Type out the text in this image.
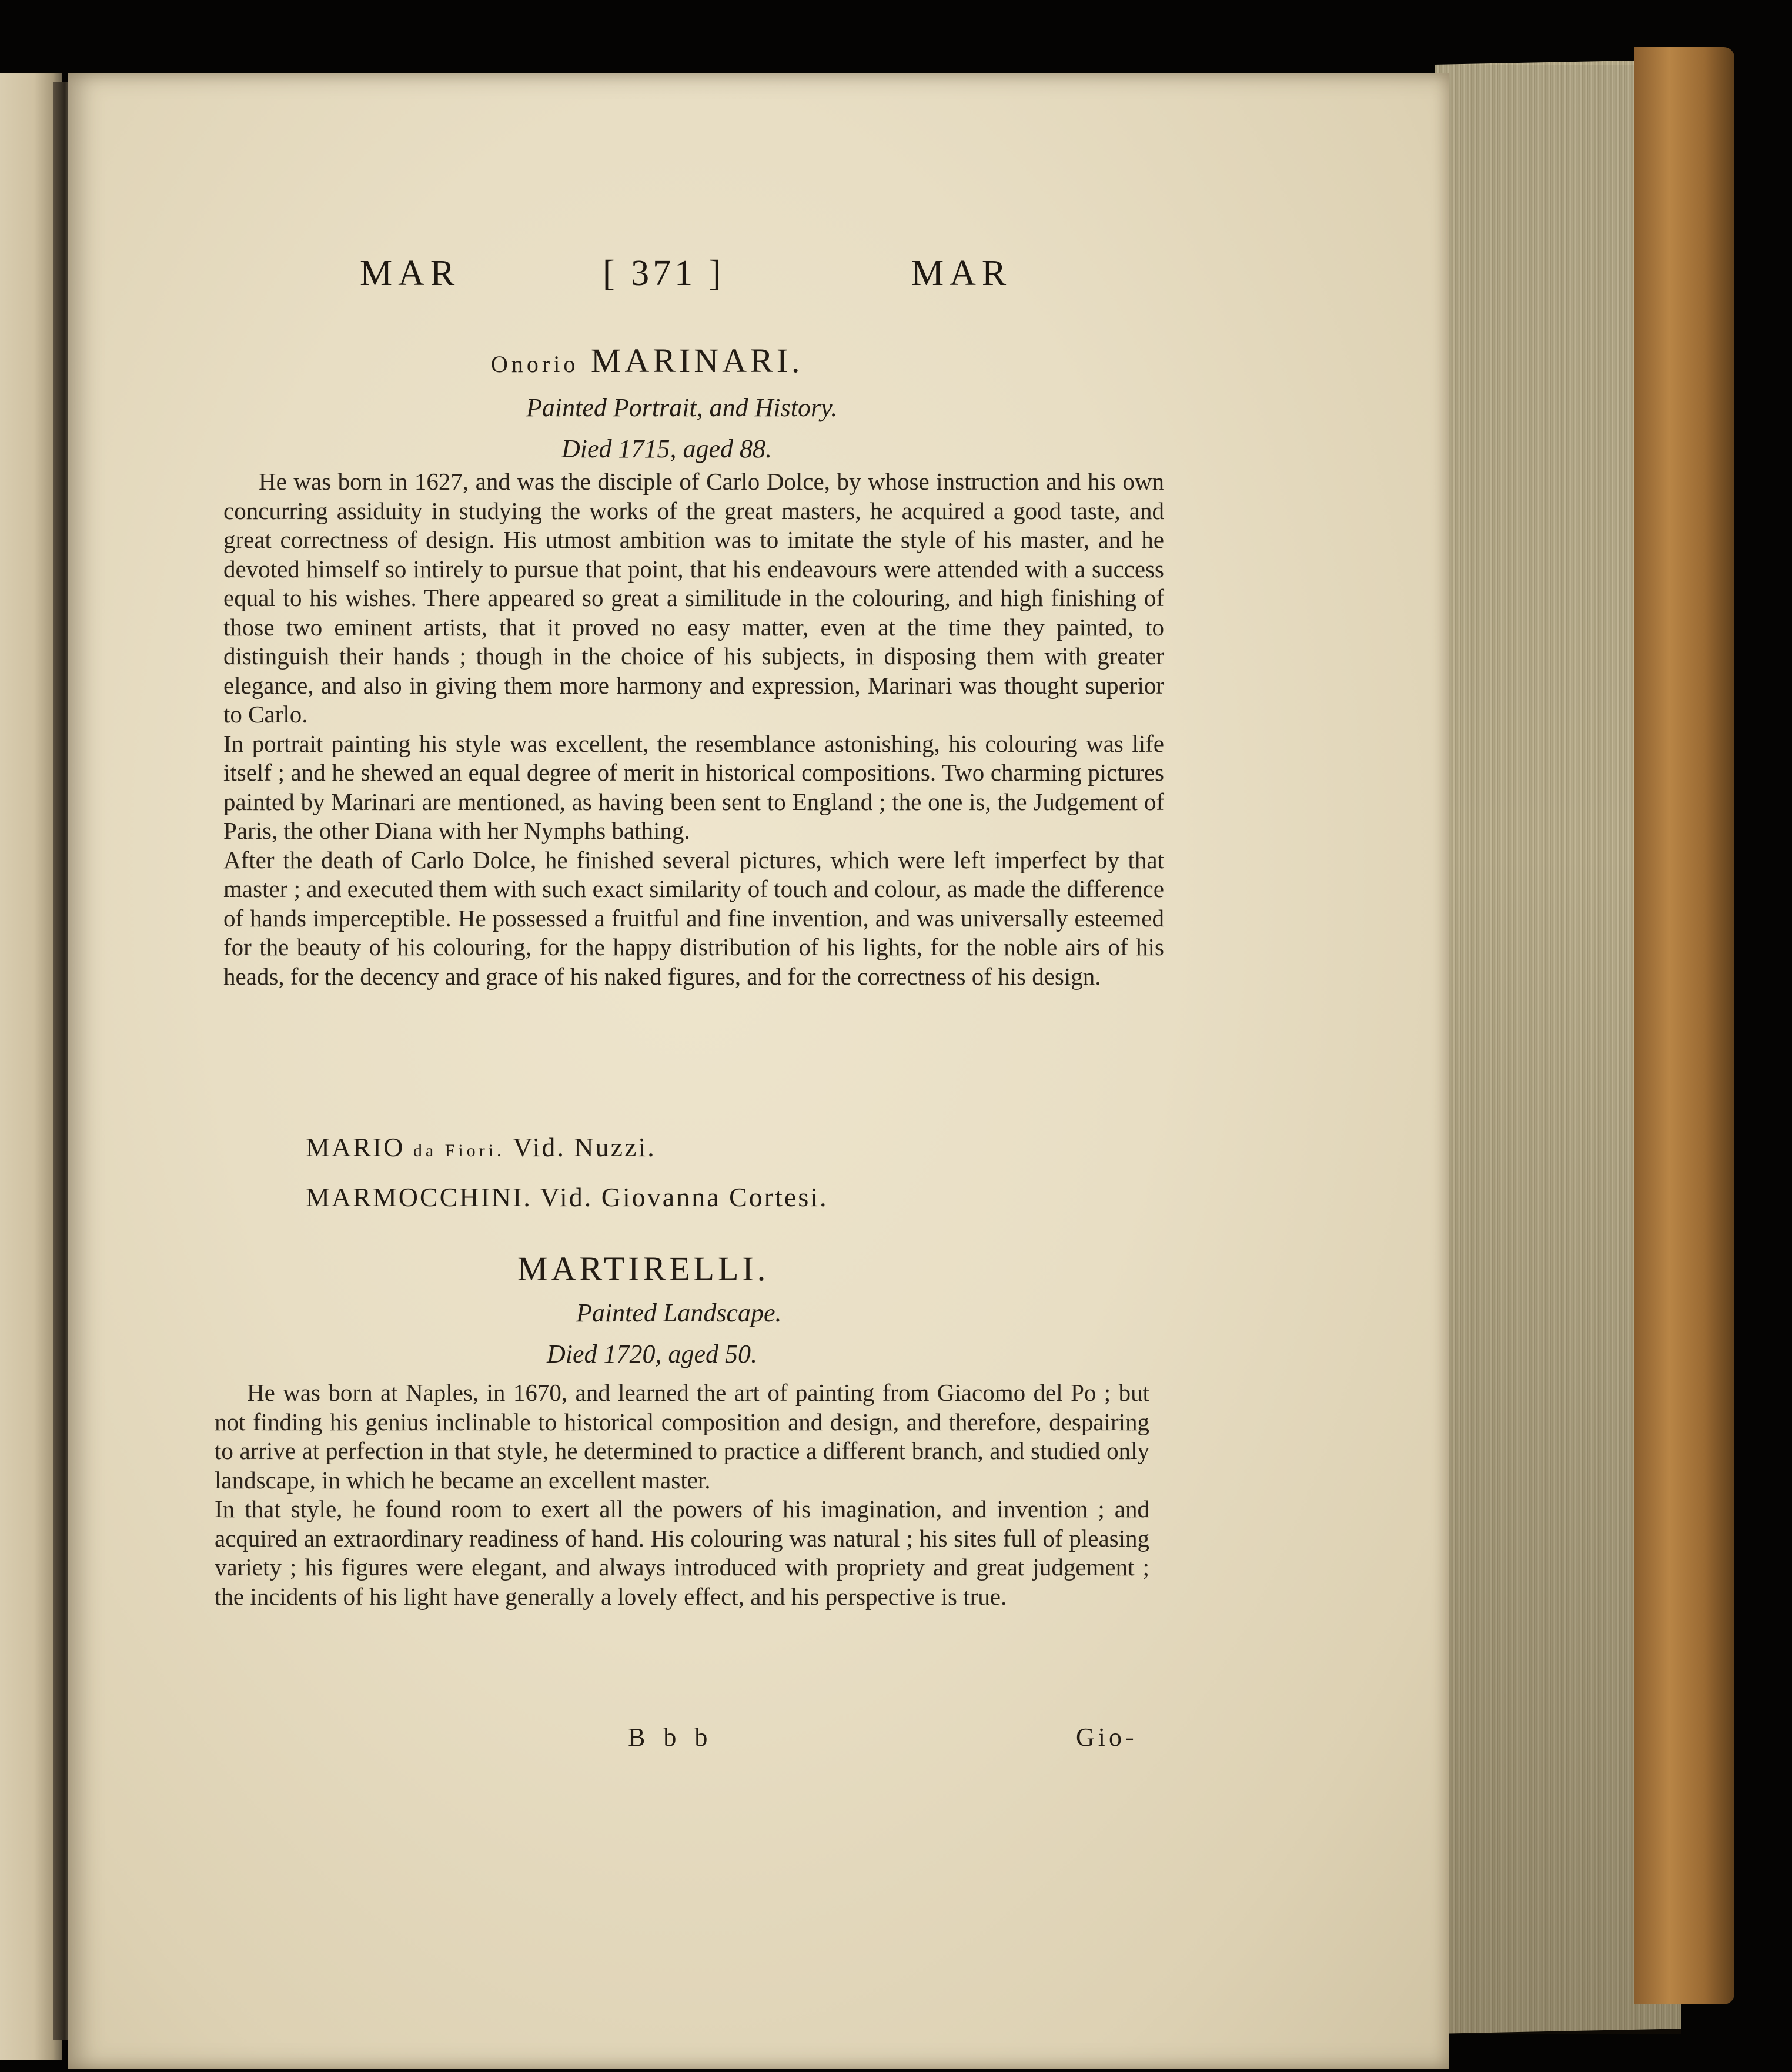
MAR	[ 371 ]	MAR
Onorio MARINARI.
Painted Portrait, and History.
Died 1715, aged 88.

He was born in 1627, and was the disciple of Carlo Dolce, by whose instruction and his own concurring assiduity in studying the works of the great masters, he acquired a good taste, and great correctness of design. His utmost ambition was to imitate the style of his master, and he devoted himself so intirely to pursue that point, that his endeavours were attended with a success equal to his wishes. There appeared so great a similitude in the colouring, and high finishing of those two eminent artists, that it proved no easy matter, even at the time they painted, to distinguish their hands ; though in the choice of his subjects, in disposing them with greater elegance, and also in giving them more harmony and expression, Marinari was thought superior to Carlo.

In portrait painting his style was excellent, the resemblance astonishing, his colouring was life itself ; and he shewed an equal degree of merit in historical compositions. Two charming pictures painted by Marinari are mentioned, as having been sent to England ; the one is, the Judgement of Paris, the other Diana with her Nymphs bathing.

After the death of Carlo Dolce, he finished several pictures, which were left imperfect by that master ; and executed them with such exact similarity of touch and colour, as made the difference of hands imperceptible. He possessed a fruitful and fine invention, and was universally esteemed for the beauty of his colouring, for the happy distribution of his lights, for the noble airs of his heads, for the decency and grace of his naked figures, and for the correctness of his design.

MARIO da Fiori. Vid. Nuzzi.
MARMOCCHINI. Vid. Giovanna Cortesi.
MARTIRELLI.
Painted Landscape.
Died 1720, aged 50.

He was born at Naples, in 1670, and learned the art of painting from Giacomo del Po ; but not finding his genius inclinable to historical composition and design, and therefore, despairing to arrive at perfection in that style, he determined to practice a different branch, and studied only landscape, in which he became an excellent master.

In that style, he found room to exert all the powers of his imagination, and invention ; and acquired an extraordinary readiness of hand. His colouring was natural ; his sites full of pleasing variety ; his figures were elegant, and always introduced with propriety and great judgement ; the incidents of his light have generally a lovely effect, and his perspective is true.

B b b	Gio-
